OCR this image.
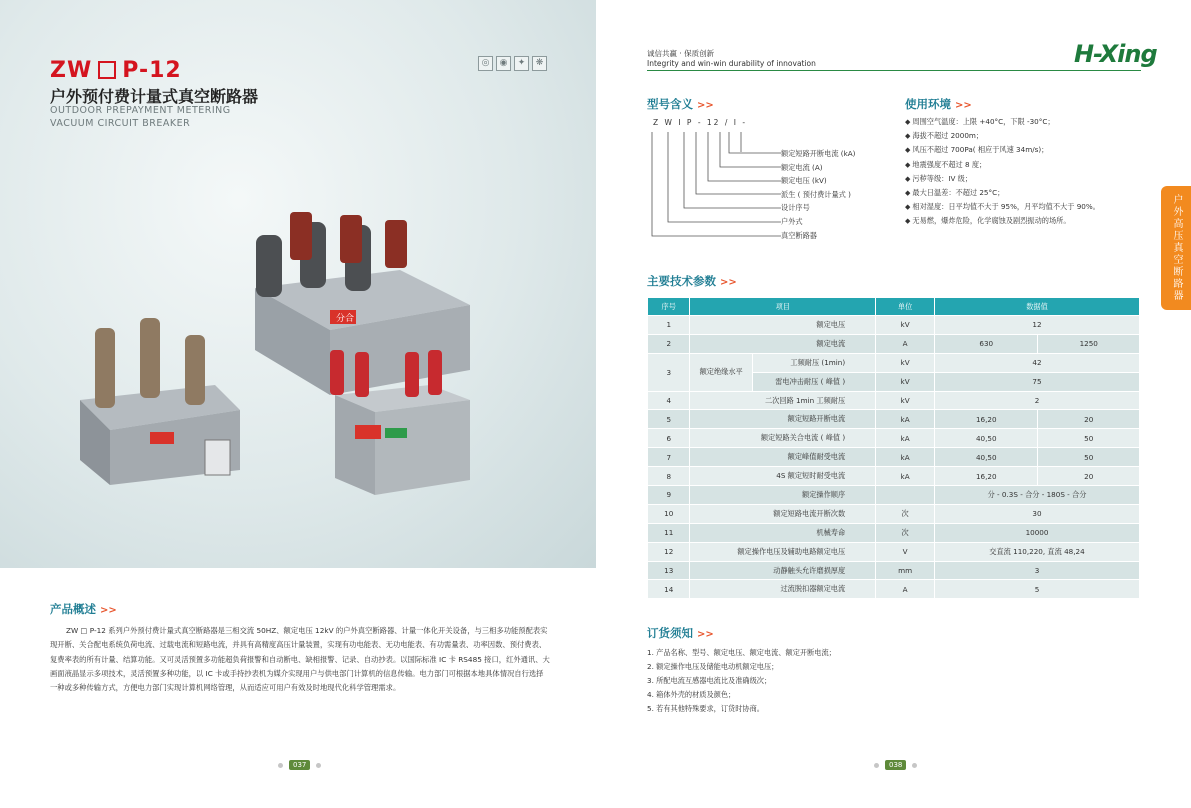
分合
ZW P-12
户外预付费计量式真空断路器
OUTDOOR PREPAYMENT METERING
VACUUM CIRCUIT BREAKER
◎	◉	✦	❋
产品概述 >>
ZW □ P-12 系列户外预付费计量式真空断路器是三相交流 50HZ、额定电压 12kV 的户外真空断路器、计量一体化开关设备，与三相多功能预配表实现开断、关合配电系统负荷电流、过载电流和短路电流，并具有高精度高压计量装置，实现有功电能表、无功电能表、有功需量表、功率因数、预付费表、复费率表的所有计量、结算功能。又可灵活预置多功能超负荷报警和自动断电、缺相报警、记录、自动抄表。以国际标准 IC 卡 RS485 接口，红外通讯、大画面液晶显示多项技术，灵活预置多种功能，以 IC 卡或手持抄表机为媒介实现用户与供电部门计算机的信息传输。电力部门可根据本地具体情况自行选择一种或多种传输方式，方便电力部门实现计算机网络管理，从而适应可用户有效及时地现代化科学管理需求。
037
诚信共赢 · 保质创新
Integrity and win-win durability of innovation	H-Xing
型号含义 >>
Z W I P - 12 / I -
额定短路开断电流 (kA)
额定电流 (A)
额定电压 (kV)
派生 ( 预付费计量式 )
设计序号
户外式
真空断路器
使用环境 >>
◆ 周围空气温度：上限 +40°C，下限 -30°C；
◆ 海拔不超过 2000m；
◆ 风压不超过 700Pa( 相应于风速 34m/s)；
◆ 地震强度不超过 8 度；
◆ 污秽等级：IV 级；
◆ 最大日温差：不超过 25°C；
◆ 相对湿度：日平均值不大于 95%，月平均值不大于 90%。
◆ 无易燃，爆炸危险，化学腐蚀及剧烈振动的场所。	户外高压真空断路器
主要技术参数 >>
序号	项目		单位	数据值	
1	额定电压		kV	12	
2	额定电流		A	630	1250
3	额定绝缘水平	工频耐压 (1min)	kV	42	
		雷电冲击耐压 ( 峰值 )	kV	75	
4	二次回路 1min 工频耐压		kV	2	
5	额定短路开断电流		kA	16,20	20
6	额定短路关合电流 ( 峰值 )		kA	40,50	50
7	额定峰值耐受电流		kA	40,50	50
8	4S 额定短时耐受电流		kA	16,20	20
9	额定操作顺序			分 - 0.3S - 合分 - 180S - 合分	
10	额定短路电流开断次数		次	30	
11	机械寿命		次	10000	
12	额定操作电压及辅助电路额定电压		V	交直流 110,220, 直流 48,24	
13	动静触头允许磨损厚度		mm	3	
14	过流脱扣器额定电流		A	5	
订货须知 >>
1. 产品名称、型号、额定电压、额定电流、额定开断电流；
2. 额定操作电压及储能电动机额定电压；
3. 所配电流互感器电流比及准确级次；
4. 箱体外壳的材质及颜色；
5. 若有其他特殊要求，订货时协商。
038
